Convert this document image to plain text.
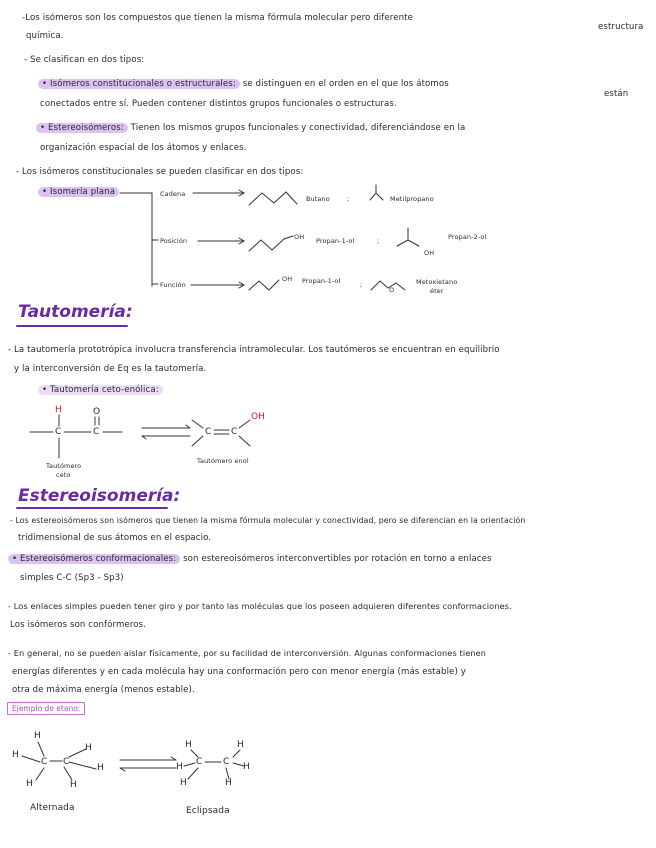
-Los isómeros son los compuestos que tienen la misma fórmula molecular pero diferente
estructura
química.
- Se clasifican en dos tipos:
• Isómeros constitucionales o estructurales: se distinguen en el orden en el que los átomos
están
conectados entre sí. Pueden contener distintos grupos funcionales o estructuras.
• Estereoisómeros: Tienen los mismos grupos funcionales y conectividad, diferenciándose en la
organización espacial de los átomos y enlaces.
- Los isómeros constitucionales se pueden clasificar en dos tipos:
• Isomería plana	Cadena
Posición
Función
Butano	;	Metilpropano
OH Propan-1-ol	;
OH
Propan-2-ol
OH Propan-1-ol	;
O
Metoxietano
éter
Tautomería:
- La tautomería prototrópica involucra transferencia intramolecular. Los tautómeros se encuentran en equilibrio
y la interconversión de Eq es la tautomería.
• Tautomería ceto-enólica:
H	O
C	C
Tautómero
ceto
C C
OH
Tautómero enol
Estereoisomería:
- Los estereoisómeros son isómeros que tienen la misma fórmula molecular y conectividad, pero se diferencian en la orientación
tridimensional de sus átomos en el espacio.
• Estereoisómeros conformacionales: son estereoisómeros interconvertibles por rotación en torno a enlaces
simples C-C (Sp3 - Sp3)
- Los enlaces simples pueden tener giro y por tanto las moléculas que los poseen adquieren diferentes conformaciones.
Los isómeros son confórmeros.
- En general, no se pueden aislar físicamente, por su facilidad de interconversión. Algunas conformaciones tienen
energías diferentes y en cada molécula hay una conformación pero con menor energía (más estable) y
otra de máxima energía (menos estable).
Ejemplo de etano:
H
H
H
H
H	H
C C
Alternada
H	H
H	H
H	H
C C
Eclipsada
